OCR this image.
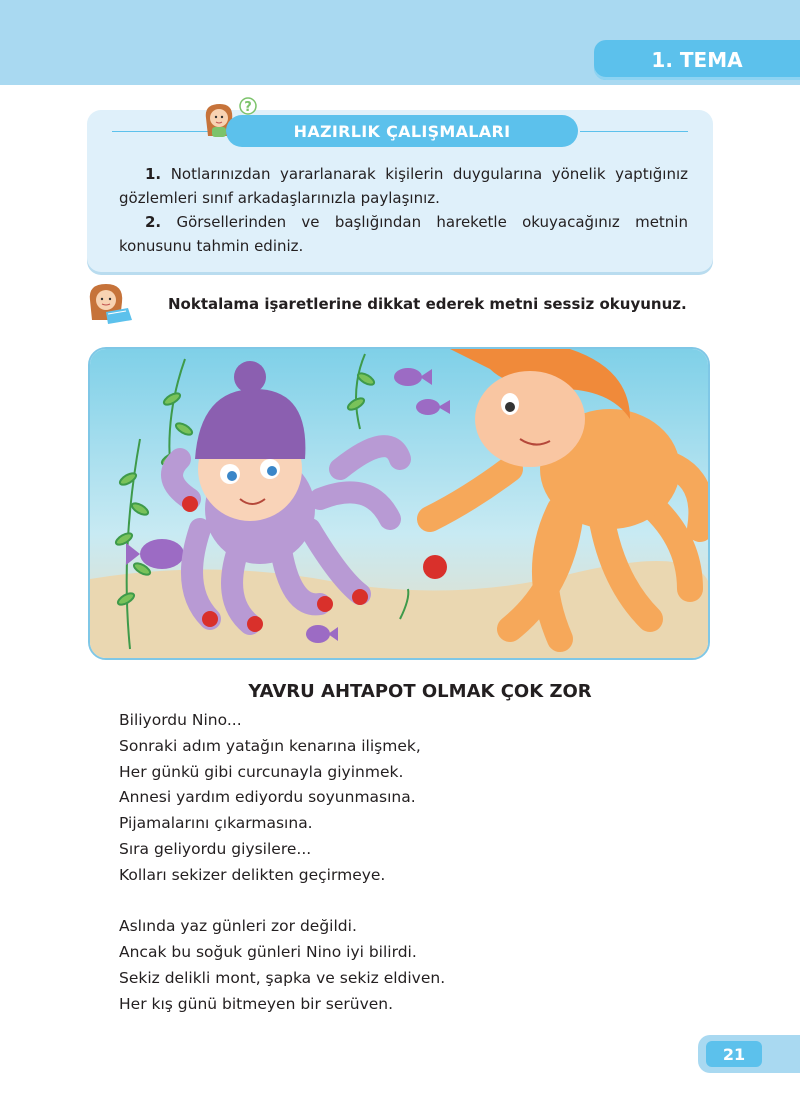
1. TEMA
?
HAZIRLIK ÇALIŞMALARI
1. Notlarınızdan yararlanarak kişilerin duygularına yönelik yaptığınız gözlemleri sınıf arkadaşlarınızla paylaşınız.
2. Görsellerinden ve başlığından hareketle okuyacağınız metnin konusunu tahmin ediniz.
Noktalama işaretlerine dikkat ederek metni sessiz okuyunuz.
YAVRU AHTAPOT OLMAK ÇOK ZOR
Biliyordu Nino...
Sonraki adım yatağın kenarına ilişmek,
Her günkü gibi curcunayla giyinmek.
Annesi yardım ediyordu soyunmasına.
Pijamalarını çıkarmasına.
Sıra geliyordu giysilere...
Kolları sekizer delikten geçirmeye.
Aslında yaz günleri zor değildi.
Ancak bu soğuk günleri Nino iyi bilirdi.
Sekiz delikli mont, şapka ve sekiz eldiven.
Her kış günü bitmeyen bir serüven.
21
